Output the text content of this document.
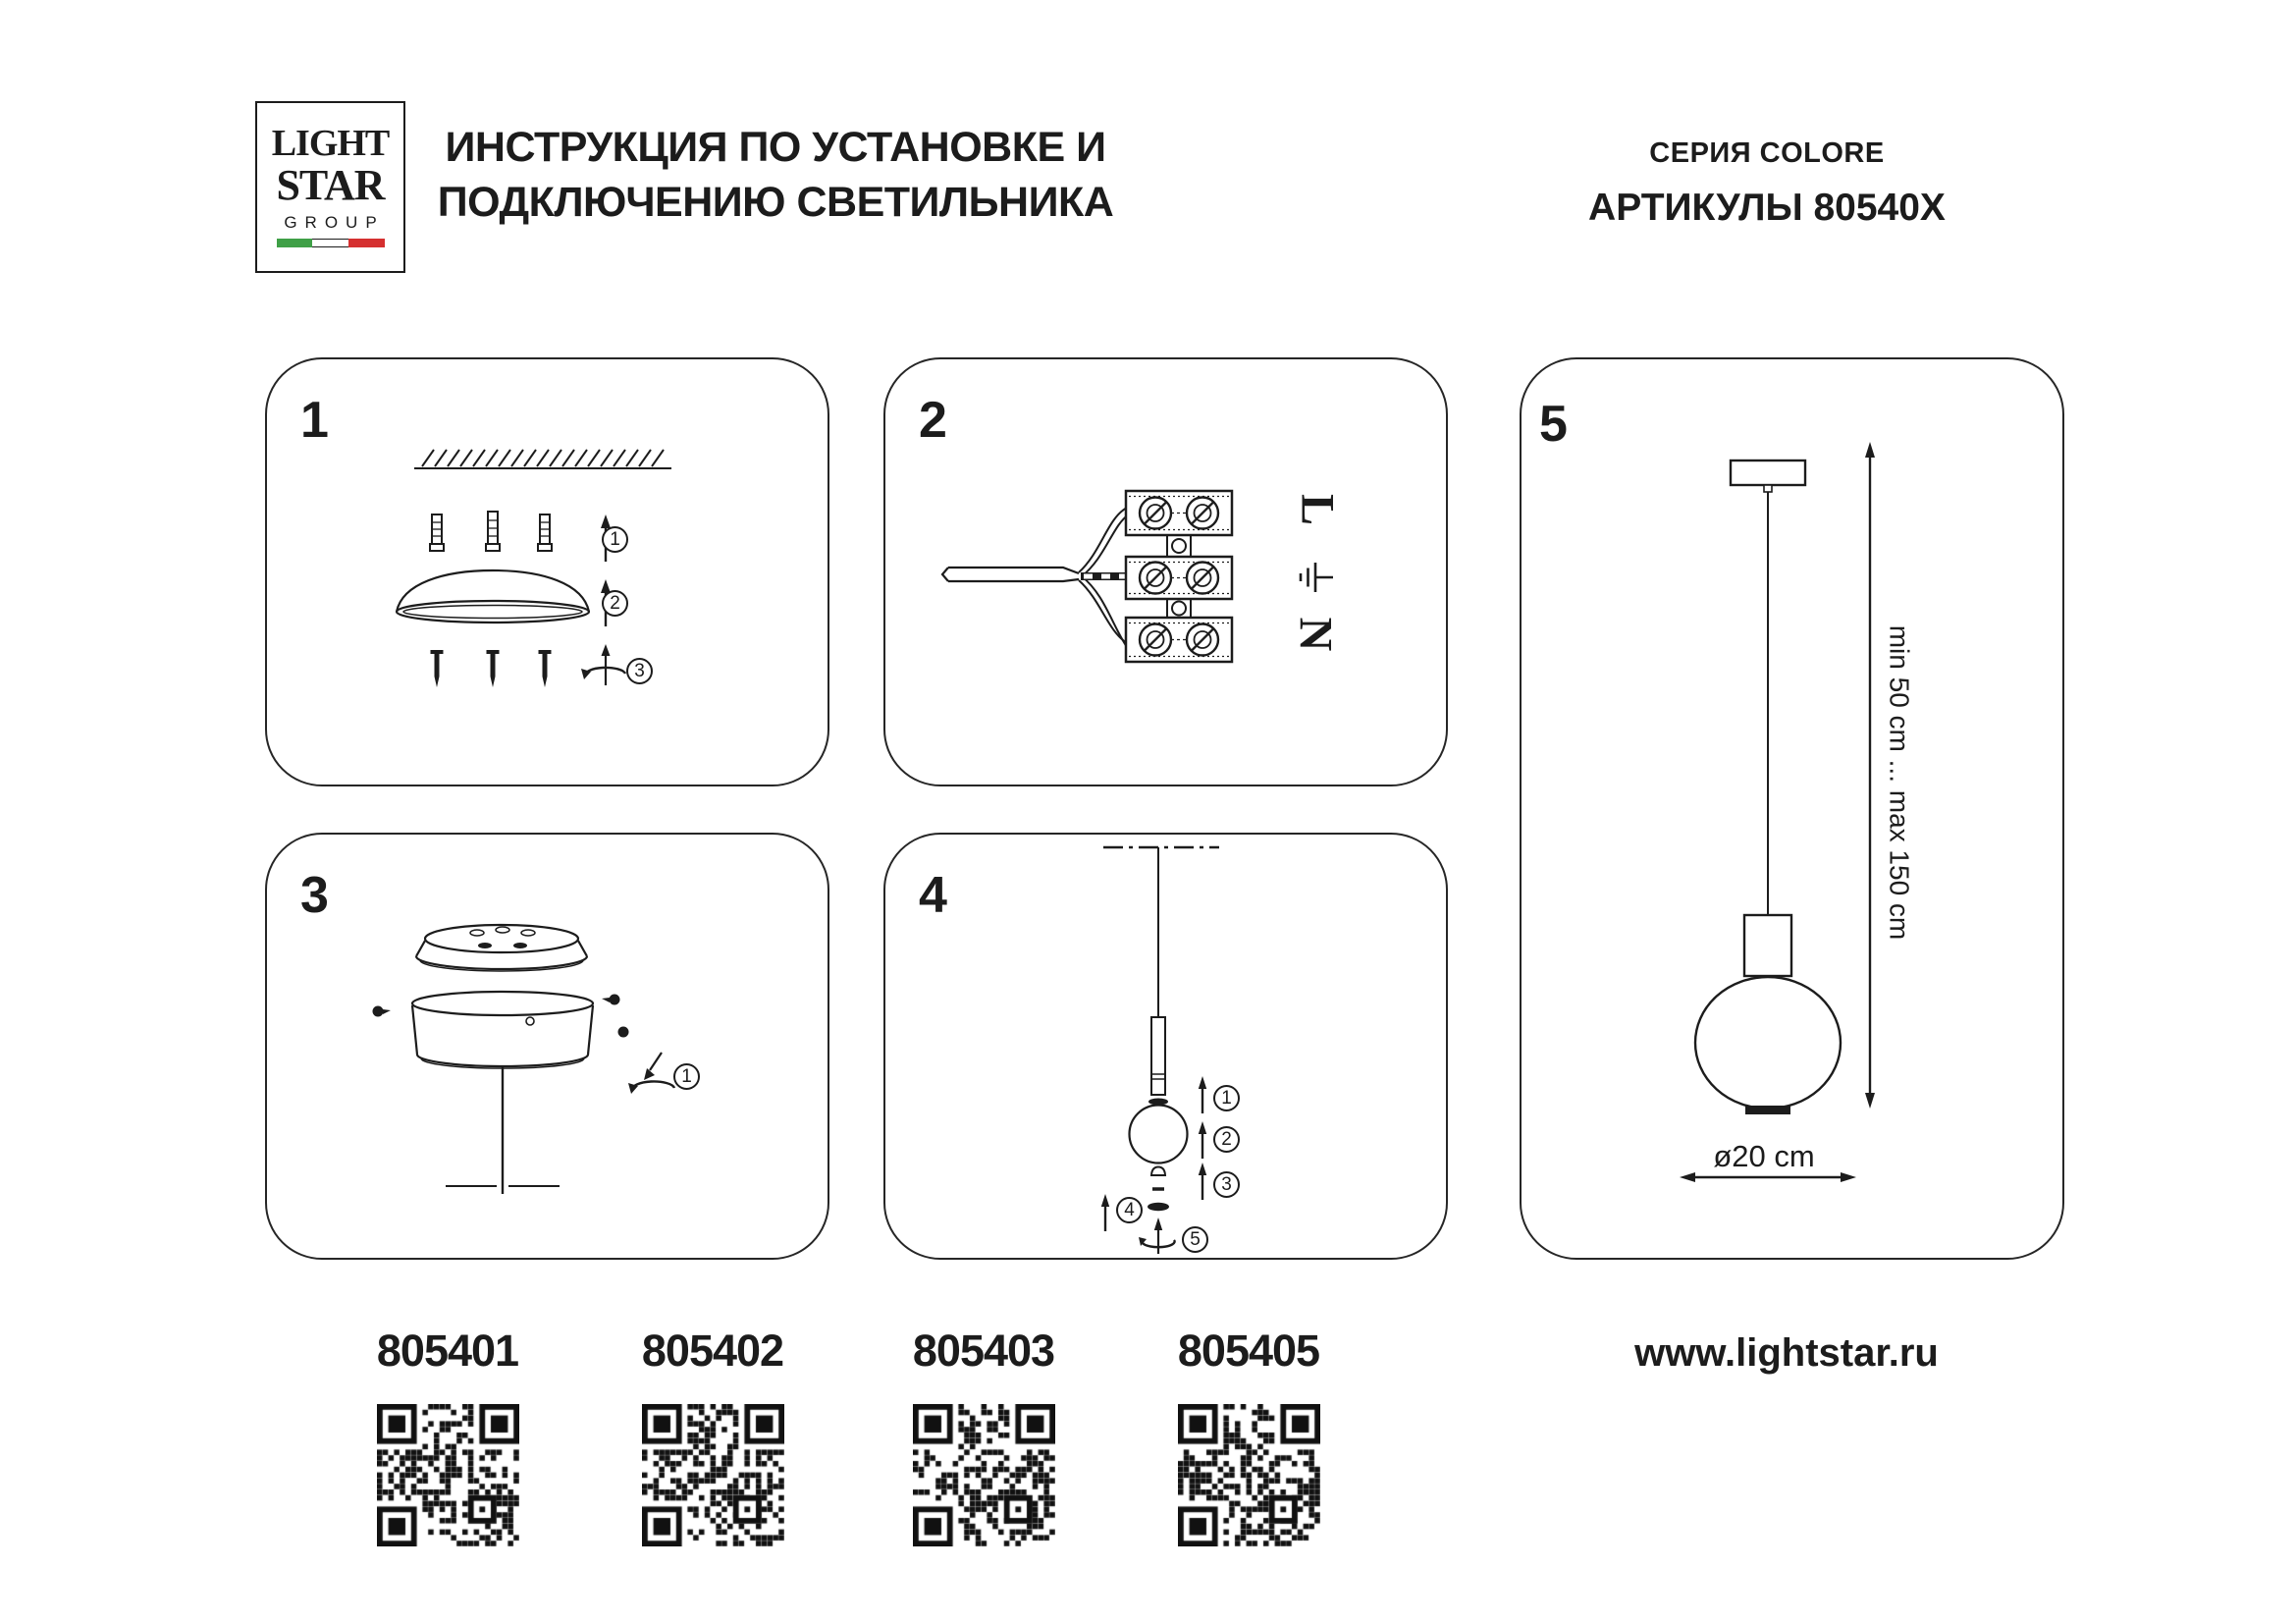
LIGHT
STAR
GROUP
ИНСТРУКЦИЯ ПО УСТАНОВКЕ И
ПОДКЛЮЧЕНИЮ СВЕТИЛЬНИКА
СЕРИЯ COLORE
АРТИКУЛЫ 80540X
1
1
2
3
L
N
2
3
1
4
1
2
3
4
5
min 50 cm ... max 150 cm
ø20 cm
5
805401	805402	805403	805405	www.lightstar.ru
